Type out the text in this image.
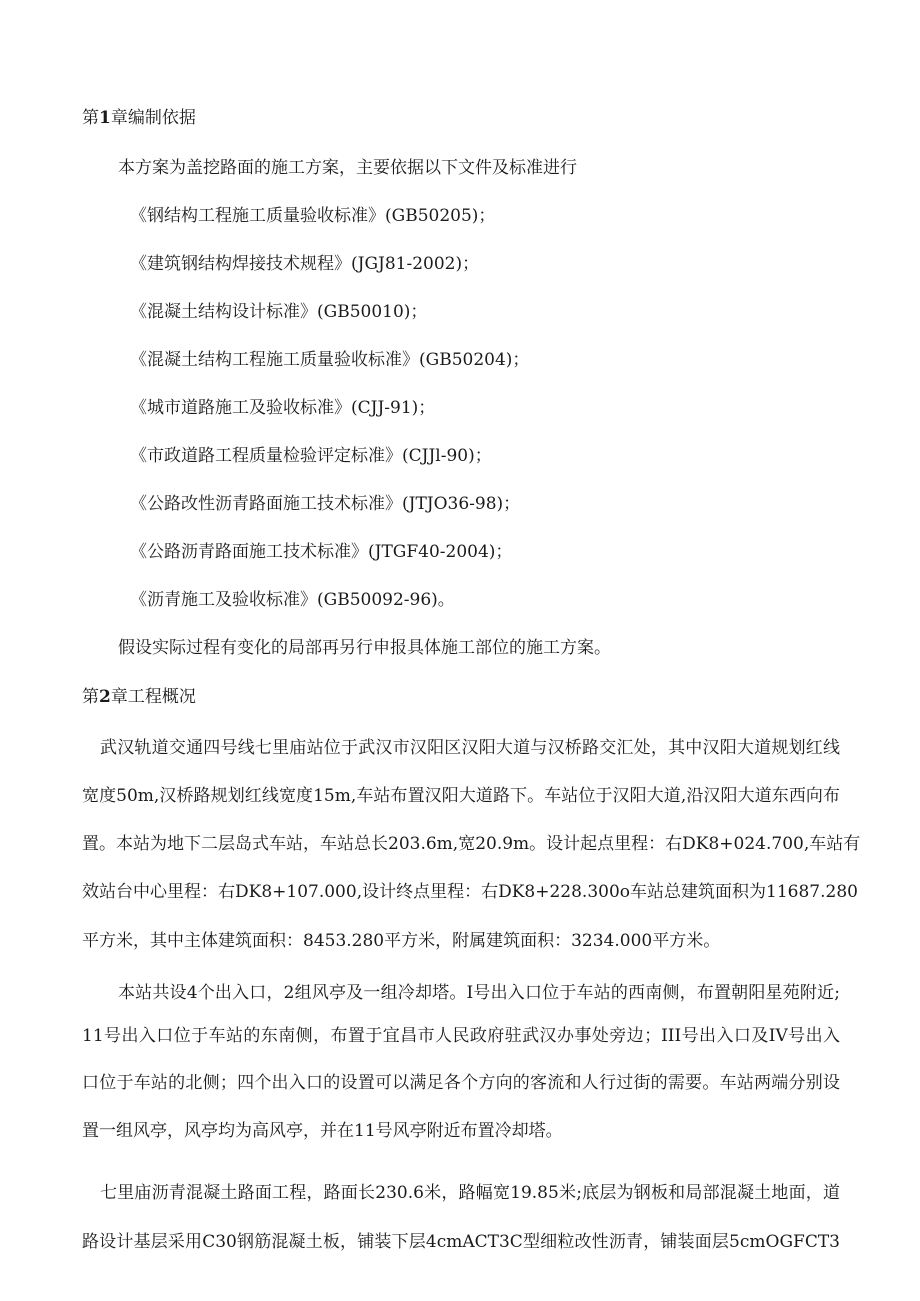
第1章编制依据
本方案为盖挖路面的施工方案，主要依据以下文件及标准进行
《钢结构工程施工质量验收标准》(GB50205)；
《建筑钢结构焊接技术规程》(JGJ81-2002)；
《混凝土结构设计标准》(GB50010)；
《混凝土结构工程施工质量验收标准》(GB50204)；
《城市道路施工及验收标准》(CJJ-91)；
《市政道路工程质量检验评定标准》(CJJl-90)；
《公路改性沥青路面施工技术标准》(JTJO36-98)；
《公路沥青路面施工技术标准》(JTGF40-2004)；
《沥青施工及验收标准》(GB50092-96)。
假设实际过程有变化的局部再另行申报具体施工部位的施工方案。
第2章工程概况
武汉轨道交通四号线七里庙站位于武汉市汉阳区汉阳大道与汉桥路交汇处，其中汉阳大道规划红线
宽度50m,汉桥路规划红线宽度15m,车站布置汉阳大道路下。车站位于汉阳大道,沿汉阳大道东西向布
置。本站为地下二层岛式车站，车站总长203.6m,宽20.9m。设计起点里程：右DK8+024.700,车站有
效站台中心里程：右DK8+107.000,设计终点里程：右DK8+228.300o车站总建筑面积为11687.280
平方米，其中主体建筑面积：8453.280平方米，附属建筑面积：3234.000平方米。
本站共设4个出入口，2组风亭及一组冷却塔。I号出入口位于车站的西南侧，布置朝阳星苑附近;
11号出入口位于车站的东南侧，布置于宜昌市人民政府驻武汉办事处旁边；III号出入口及IV号出入
口位于车站的北侧；四个出入口的设置可以满足各个方向的客流和人行过街的需要。车站两端分别设
置一组风亭，风亭均为高风亭，并在11号风亭附近布置冷却塔。
七里庙沥青混凝土路面工程，路面长230.6米，路幅宽19.85米;底层为钢板和局部混凝土地面，道
路设计基层采用C30钢筋混凝土板，铺装下层4cmACT3C型细粒改性沥青，铺装面层5cmOGFCT3
